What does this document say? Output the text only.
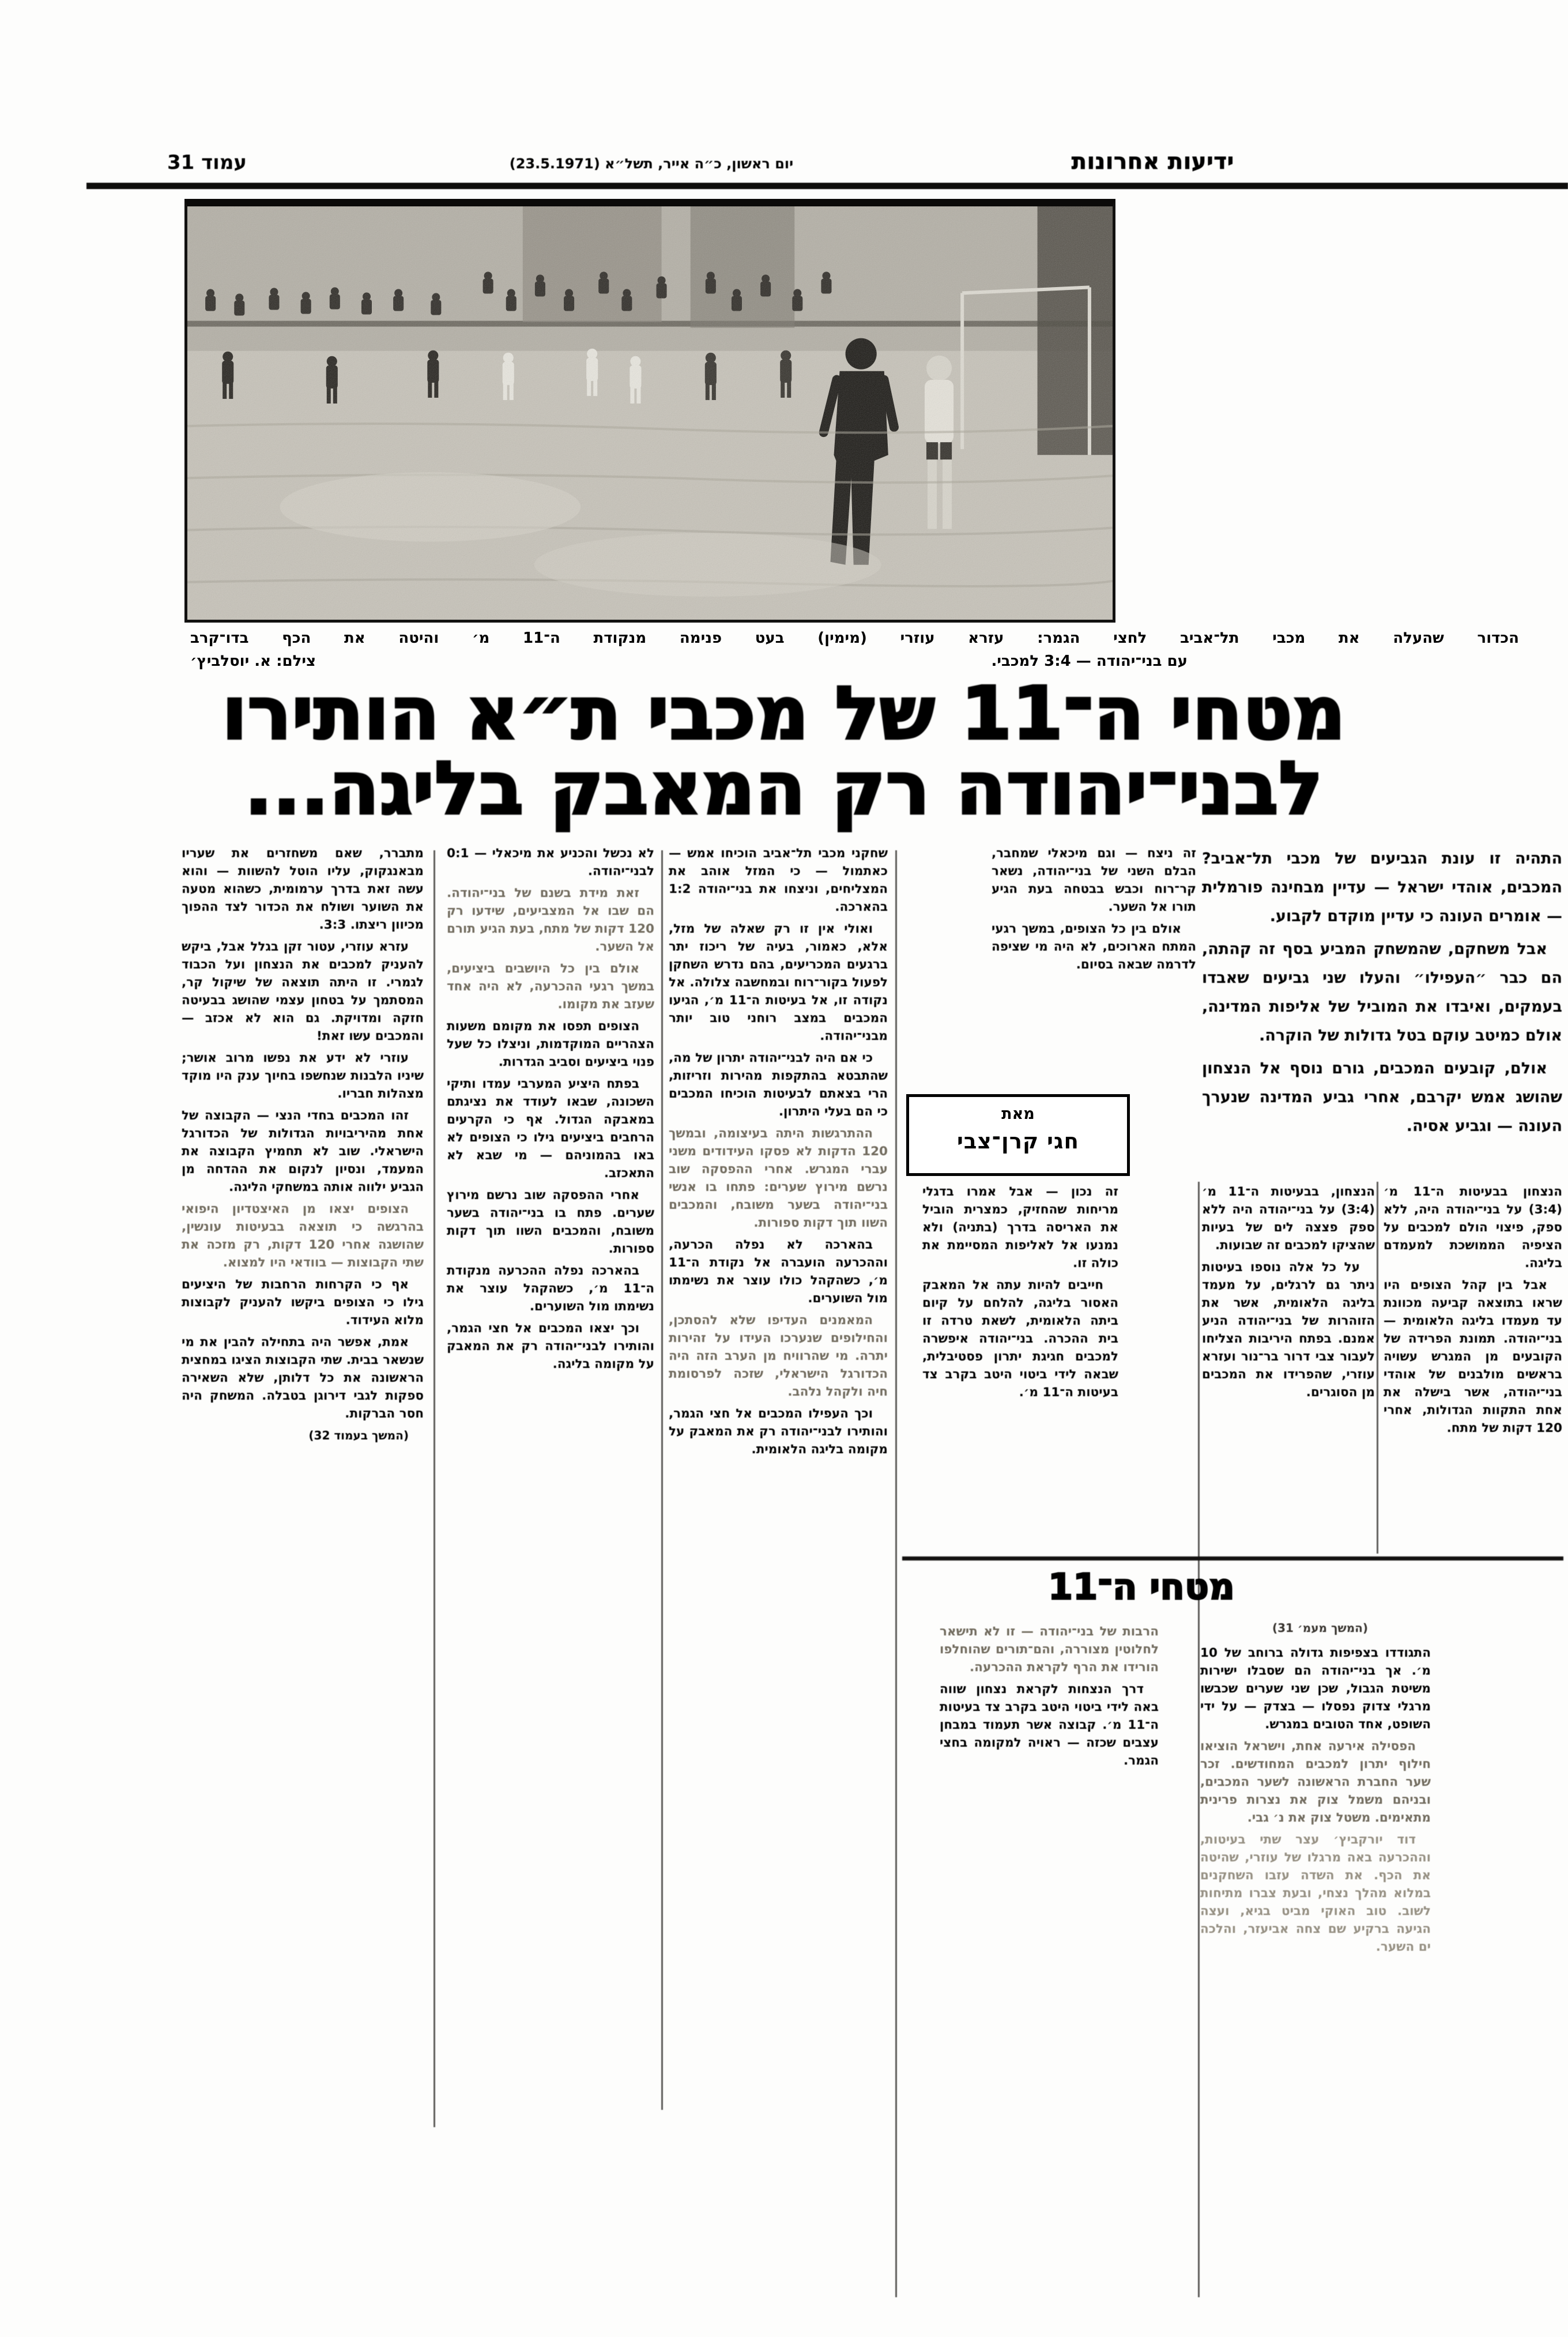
עמוד 31	יום ראשון, כ״ה אייר, תשל״א (23.5.1971)	ידיעות אחרונות
הכדור שהעלה את מכבי תל־אביב לחצי הגמר: עזרא עוזרי (מימין) בעט פנימה מנקודת ה־11 מ׳ והיטה את הכף בדו־קרב
עם בני־יהודה — 3:4 למכבי.
צילם: א. יוסלביץ׳
מטחי ה־11 של מכבי ת״א הותירו
לבני־יהודה רק המאבק בליגה...

התהיה זו עונת הגביעים של מכבי תל־אביב? המכבים, אוהדי ישראל — עדיין מבחינה פורמלית — אומרים העונה כי עדיין מוקדם לקבוע.

אבל משחקם, שהמשחק המביע בסף זה קהתה, הם כבר ״העפילו״ והעלו שני גביעים שאבדו בעמקים, ואיבדו את המוביל של אליפות המדינה, אולם כמיטב עוקם בטל גדולות של הוקרה.

אולם, קובעים המכבים, גורם נוסף אל הנצחון שהושג אמש יקרבם, אחרי גביע המדינה שנערך העונה — וגביע אסיה.

הנצחון בבעיטות ה־11 מ׳ (3:4) על בני־יהודה היה, ללא ספק, פיצוי הולם למכבים על הציפיה הממושכת למעמדם בליגה.

אבל בין קהל הצופים היו שראו בתוצאה קביעה מכוונת עד מעמדו בליגה הלאומית — בני־יהודה. תמונת הפרידה של הקובעים מן המגרש עשויה בראשים מולבנים של אוהדי בני־יהודה, אשר בישלה את אחת התקוות הגדולות, אחרי 120 דקות של מתח.

הנצחון, בבעיטות ה־11 מ׳ (3:4) על בני־יהודה היה ללא ספק פצצה לים של בעיות שהציקו למכבים זה שבועות.

על כל אלה נוספו בעיטות ניתר גם לרגלים, על מעמד בליגה הלאומית, אשר את הזוהרות של בני־יהודה הניע אמנם. בפתח היריבות הצליחו לעבור צבי דרור בר־נור ועזרא עוזרי, שהפרידו את המכבים מן הסוגרים.

זה ניצח — וגם מיכאלי שמחבר, הבלם השני של בני־יהודה, נשאר קר־רוח וכבש בבטחה בעת הגיע תורו אל השער.

אולם בין כל הצופים, במשך רגעי המתח הארוכים, לא היה מי שציפה לדרמה שבאה בסיום.

מאת
חגי קרן־צבי

זה נכון — אבל אמרו בדגלי מריחות שהחזיק, כמצרית הוביל את האריסה בדרך (בתניה) ולא נמנעו אל לאליפות המסיימת את כולה זו.

חייבים להיות עתה אל המאבק האסור בליגה, להלחם על קיום ביתה הלאומית, לשאת טרדה זו בית ההכרה. בני־יהודה איפשרה למכבים חגיגת יתרון פסטיבלית, שבאה לידי ביטוי היטב בקרב צד בעיטות ה־11 מ׳.

שחקני מכבי תל־אביב הוכיחו אמש — כאתמול — כי המזל אוהב את המצליחים, וניצחו את בני־יהודה 1:2 בהארכה.

ואולי אין זו רק שאלה של מזל, אלא, כאמור, בעיה של ריכוז יתר ברגעים המכריעים, בהם נדרש השחקן לפעול בקור־רוח ובמחשבה צלולה. אל נקודה זו, אל בעיטות ה־11 מ׳, הגיעו המכבים במצב רוחני טוב יותר מבני־יהודה.

כי אם היה לבני־יהודה יתרון של מה, שהתבטא בהתקפות מהירות וזריזות, הרי בצאתם לבעיטות הוכיחו המכבים כי הם בעלי היתרון.

ההתרגשות היתה בעיצומה, ובמשך 120 הדקות לא פסקו העידודים משני עברי המגרש. אחרי ההפסקה שוב נרשם מירוץ שערים: פתחו בו אנשי בני־יהודה בשער משובח, והמכבים השוו תוך דקות ספורות.

בהארכה לא נפלה הכרעה, וההכרעה הועברה אל נקודת ה־11 מ׳, כשהקהל כולו עוצר את נשימתו מול השוערים.

המאמנים העדיפו שלא להסתכן, והחילופים שנערכו העידו על זהירות יתרה. מי שהרוויח מן הערב הזה היה הכדורגל הישראלי, שזכה לפרסומת חיה ולקהל נלהב.

וכך העפילו המכבים אל חצי הגמר, והותירו לבני־יהודה רק את המאבק על מקומה בליגה הלאומית.

לא נכשל והכניע את מיכאלי — 0:1 לבני־יהודה.

זאת מידת בשנם של בני־יהודה. הם שבו אל המצביעים, שידעו רק 120 דקות של מתח, בעת הגיע תורם אל השער.

אולם בין כל היושבים ביציעים, במשך רגעי ההכרעה, לא היה אחד שעזב את מקומו.

הצופים תפסו את מקומם משעות הצהריים המוקדמות, וניצלו כל שעל פנוי ביציעים וסביב הגדרות.

בפתח היציע המערבי עמדו ותיקי השכונה, שבאו לעודד את נציגתם במאבקה הגדול. אף כי הקרעים הרחבים ביציעים גילו כי הצופים לא באו בהמוניהם — מי שבא לא התאכזב.

אחרי ההפסקה שוב נרשם מירוץ שערים. פתח בו בני־יהודה בשער משובח, והמכבים השוו תוך דקות ספורות.

בהארכה נפלה ההכרעה מנקודת ה־11 מ׳, כשהקהל עוצר את נשימתו מול השוערים.

וכך יצאו המכבים אל חצי הגמר, והותירו לבני־יהודה רק את המאבק על מקומה בליגה.

מתברר, שאם משחזרים את שעריו מבאנגקוק, עליו הוטל להשוות — והוא עשה זאת בדרך ערמומית, כשהוא מטעה את השוער ושולח את הכדור לצד ההפוך מכיוון ריצתו. 3:3.

עזרא עוזרי, עטור זקן בגלל אבל, ביקש להעניק למכבים את הנצחון ועל הכבוד לגמרי. זו היתה תוצאה של שיקול קר, המסתמך על בטחון עצמי שהושג בבעיטה חזקה ומדויקת. גם הוא לא אכזב — והמכבים עשו זאת!

עוזרי לא ידע את נפשו מרוב אושר; שיניו הלבנות שנחשפו בחיוך ענק היו מוקד מצהלות חבריו.

זהו המכבים בחדי הנצי — הקבוצה של אחת מהיריבויות הגדולות של הכדורגל הישראלי. שוב לא תחמיץ הקבוצה את המעמד, ונסיון לנקום את ההדחה מן הגביע ילווה אותה במשחקי הליגה.

הצופים יצאו מן האיצטדיון היפואי בהרגשה כי תוצאה בבעיטות עונשין, שהושגה אחרי 120 דקות, רק מזכה את שתי הקבוצות — בוודאי היו למצוא.

אף כי הקרחות הרחבות של היציעים גילו כי הצופים ביקשו להעניק לקבוצות מלוא העידוד.

אמת, אפשר היה בתחילה להבין את מי שנשאר בבית. שתי הקבוצות הציגו במחצית הראשונה את כל דלותן, שלא השאירה ספקות לגבי דירוגן בטבלה. המשחק היה חסר הברקות.

(המשך בעמוד 32)

מטחי ה־11
(המשך מעמ׳ 31)

התגודדו בצפיפות גדולה ברוחב של 10 מ׳. אך בני־יהודה הם שסבלו ישירות משיטת הגבול, שכן שני שערים שכבשו מרגלי צדוק נפסלו — בצדק — על ידי השופט, אחד הטובים במגרש.

הפסילה אירעה אחת, וישראל הוציאו חילוף יתרון למכבים המחודשים. זכר שער החברת הראשונה לשער המכבים, ובניהם משמל צוק את נצרות פרינית מתאימים. משטל צוק את נ׳ גבי.

דוד יורקביץ׳ עצר שתי בעיטות, וההכרעה באה מרגלו של עוזרי, שהיטה את הכף. את השדה עזבו השחקנים במלוא מהלך נצחי, ובעת צברו מתיחות לשוב. טוב האוקי מביט בגיא, ועצה הגיעה ברקיע שם צחה אביעזר, והלכה ים השער.

הרבות של בני־יהודה — זו לא תישאר לחלוטין מצוררה, והם־תורים שהוחלפו הורידו את הרף לקראת ההכרעה.

דרך הנצחות לקראת נצחון שווה באה לידי ביטוי היטב בקרב צד בעיטות ה־11 מ׳. קבוצה אשר תעמוד במבחן עצבים שכזה — ראויה למקומה בחצי הגמר.
